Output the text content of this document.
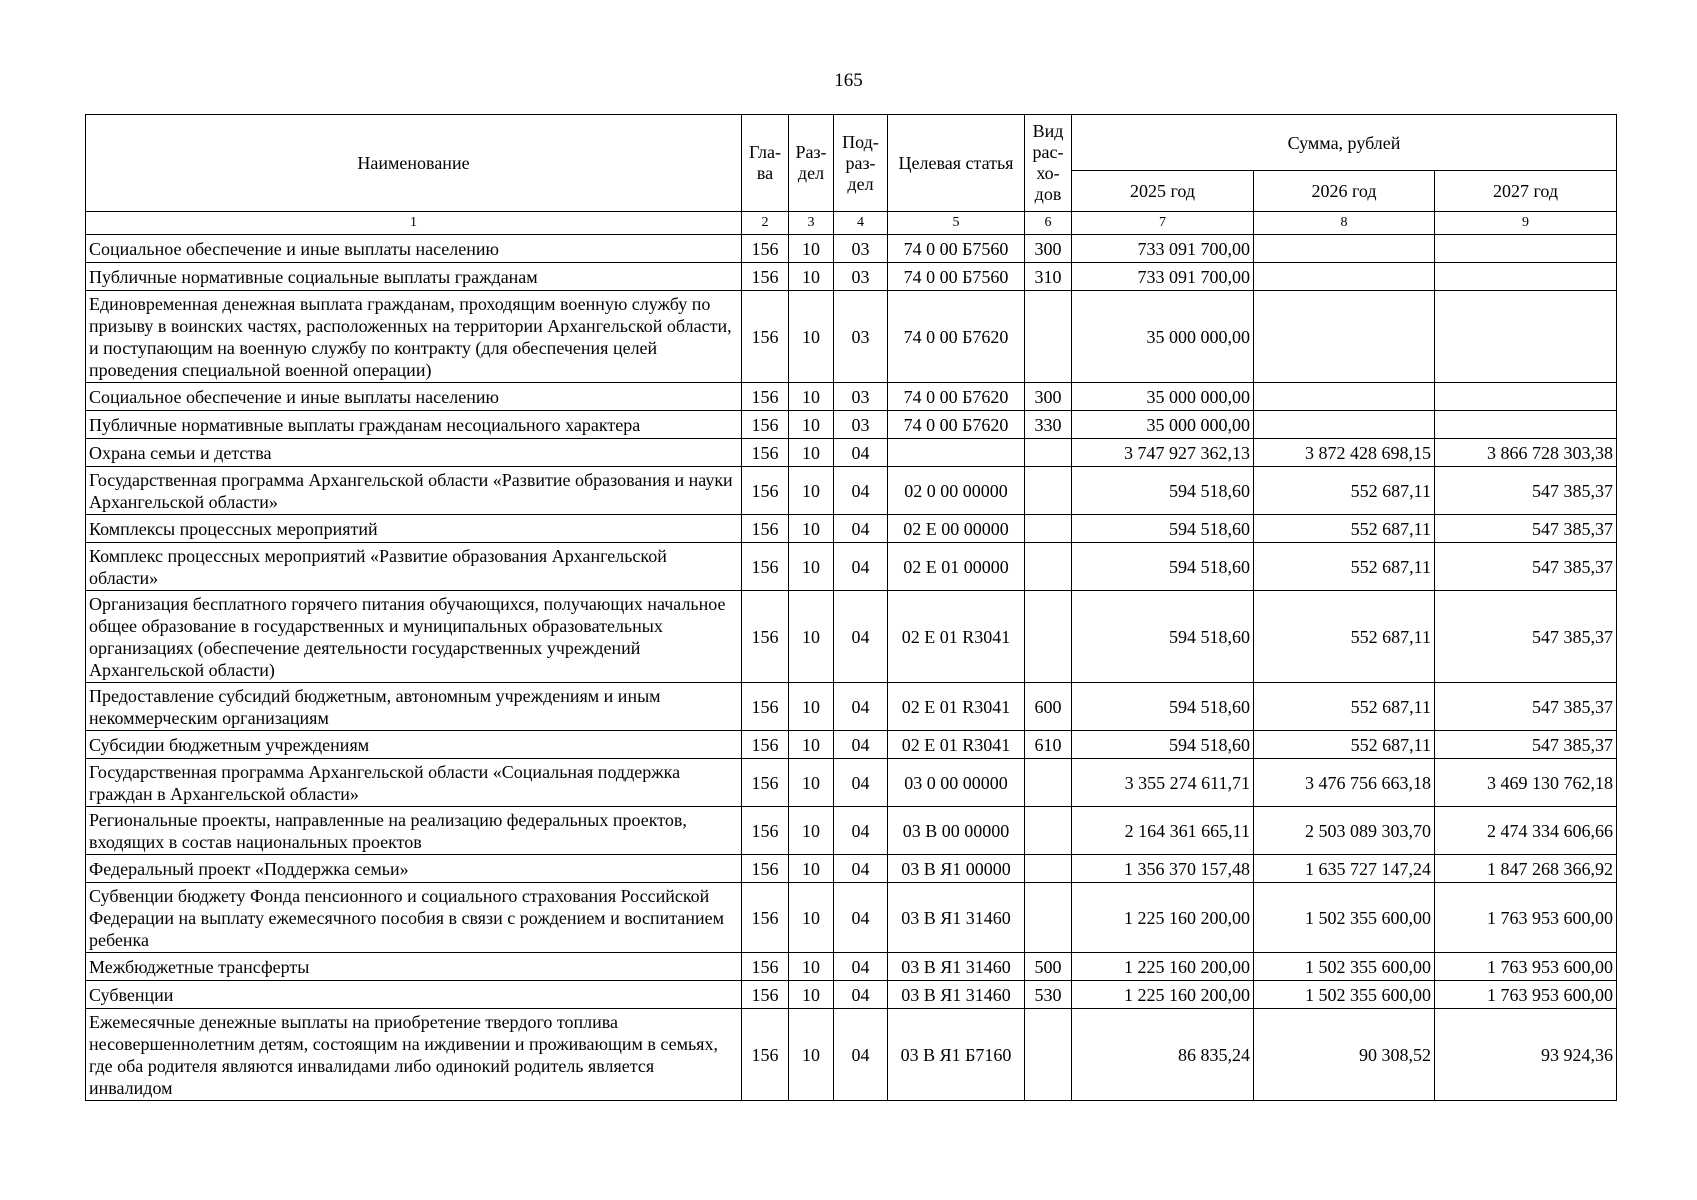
165
Наименование	Гла-ва	Раз-дел	Под-раз-дел	Целевая статья	Вид рас-хо-дов	Сумма, рублей		
						2025 год	2026 год	2027 год
1	2	3	4	5	6	7	8	9
Социальное обеспечение и иные выплаты населению	156	10	03	74 0 00 Б7560	300	733 091 700,00		
Публичные нормативные социальные выплаты гражданам	156	10	03	74 0 00 Б7560	310	733 091 700,00		
Единовременная денежная выплата гражданам, проходящим военную службу по призыву в воинских частях, расположенных на территории Архангельской области, и поступающим на военную службу по контракту (для обеспечения целей проведения специальной военной операции)	156	10	03	74 0 00 Б7620		35 000 000,00		
Социальное обеспечение и иные выплаты населению	156	10	03	74 0 00 Б7620	300	35 000 000,00		
Публичные нормативные выплаты гражданам несоциального характера	156	10	03	74 0 00 Б7620	330	35 000 000,00		
Охрана семьи и детства	156	10	04			3 747 927 362,13	3 872 428 698,15	3 866 728 303,38
Государственная программа Архангельской области «Развитие образования и науки Архангельской области»	156	10	04	02 0 00 00000		594 518,60	552 687,11	547 385,37
Комплексы процессных мероприятий	156	10	04	02 Е 00 00000		594 518,60	552 687,11	547 385,37
Комплекс процессных мероприятий «Развитие образования Архангельской области»	156	10	04	02 Е 01 00000		594 518,60	552 687,11	547 385,37
Организация бесплатного горячего питания обучающихся, получающих начальное общее образование в государственных и муниципальных образовательных организациях (обеспечение деятельности государственных учреждений Архангельской области)	156	10	04	02 Е 01 R3041		594 518,60	552 687,11	547 385,37
Предоставление субсидий бюджетным, автономным учреждениям и иным некоммерческим организациям	156	10	04	02 Е 01 R3041	600	594 518,60	552 687,11	547 385,37
Субсидии бюджетным учреждениям	156	10	04	02 Е 01 R3041	610	594 518,60	552 687,11	547 385,37
Государственная программа Архангельской области «Социальная поддержка граждан в Архангельской области»	156	10	04	03 0 00 00000		3 355 274 611,71	3 476 756 663,18	3 469 130 762,18
Региональные проекты, направленные на реализацию федеральных проектов, входящих в состав национальных проектов	156	10	04	03 В 00 00000		2 164 361 665,11	2 503 089 303,70	2 474 334 606,66
Федеральный проект «Поддержка семьи»	156	10	04	03 В Я1 00000		1 356 370 157,48	1 635 727 147,24	1 847 268 366,92
Субвенции бюджету Фонда пенсионного и социального страхования Российской Федерации на выплату ежемесячного пособия в связи с рождением и воспитанием ребенка	156	10	04	03 В Я1 31460		1 225 160 200,00	1 502 355 600,00	1 763 953 600,00
Межбюджетные трансферты	156	10	04	03 В Я1 31460	500	1 225 160 200,00	1 502 355 600,00	1 763 953 600,00
Субвенции	156	10	04	03 В Я1 31460	530	1 225 160 200,00	1 502 355 600,00	1 763 953 600,00
Ежемесячные денежные выплаты на приобретение твердого топлива несовершеннолетним детям, состоящим на иждивении и проживающим в семьях, где оба родителя являются инвалидами либо одинокий родитель является инвалидом	156	10	04	03 В Я1 Б7160		86 835,24	90 308,52	93 924,36
